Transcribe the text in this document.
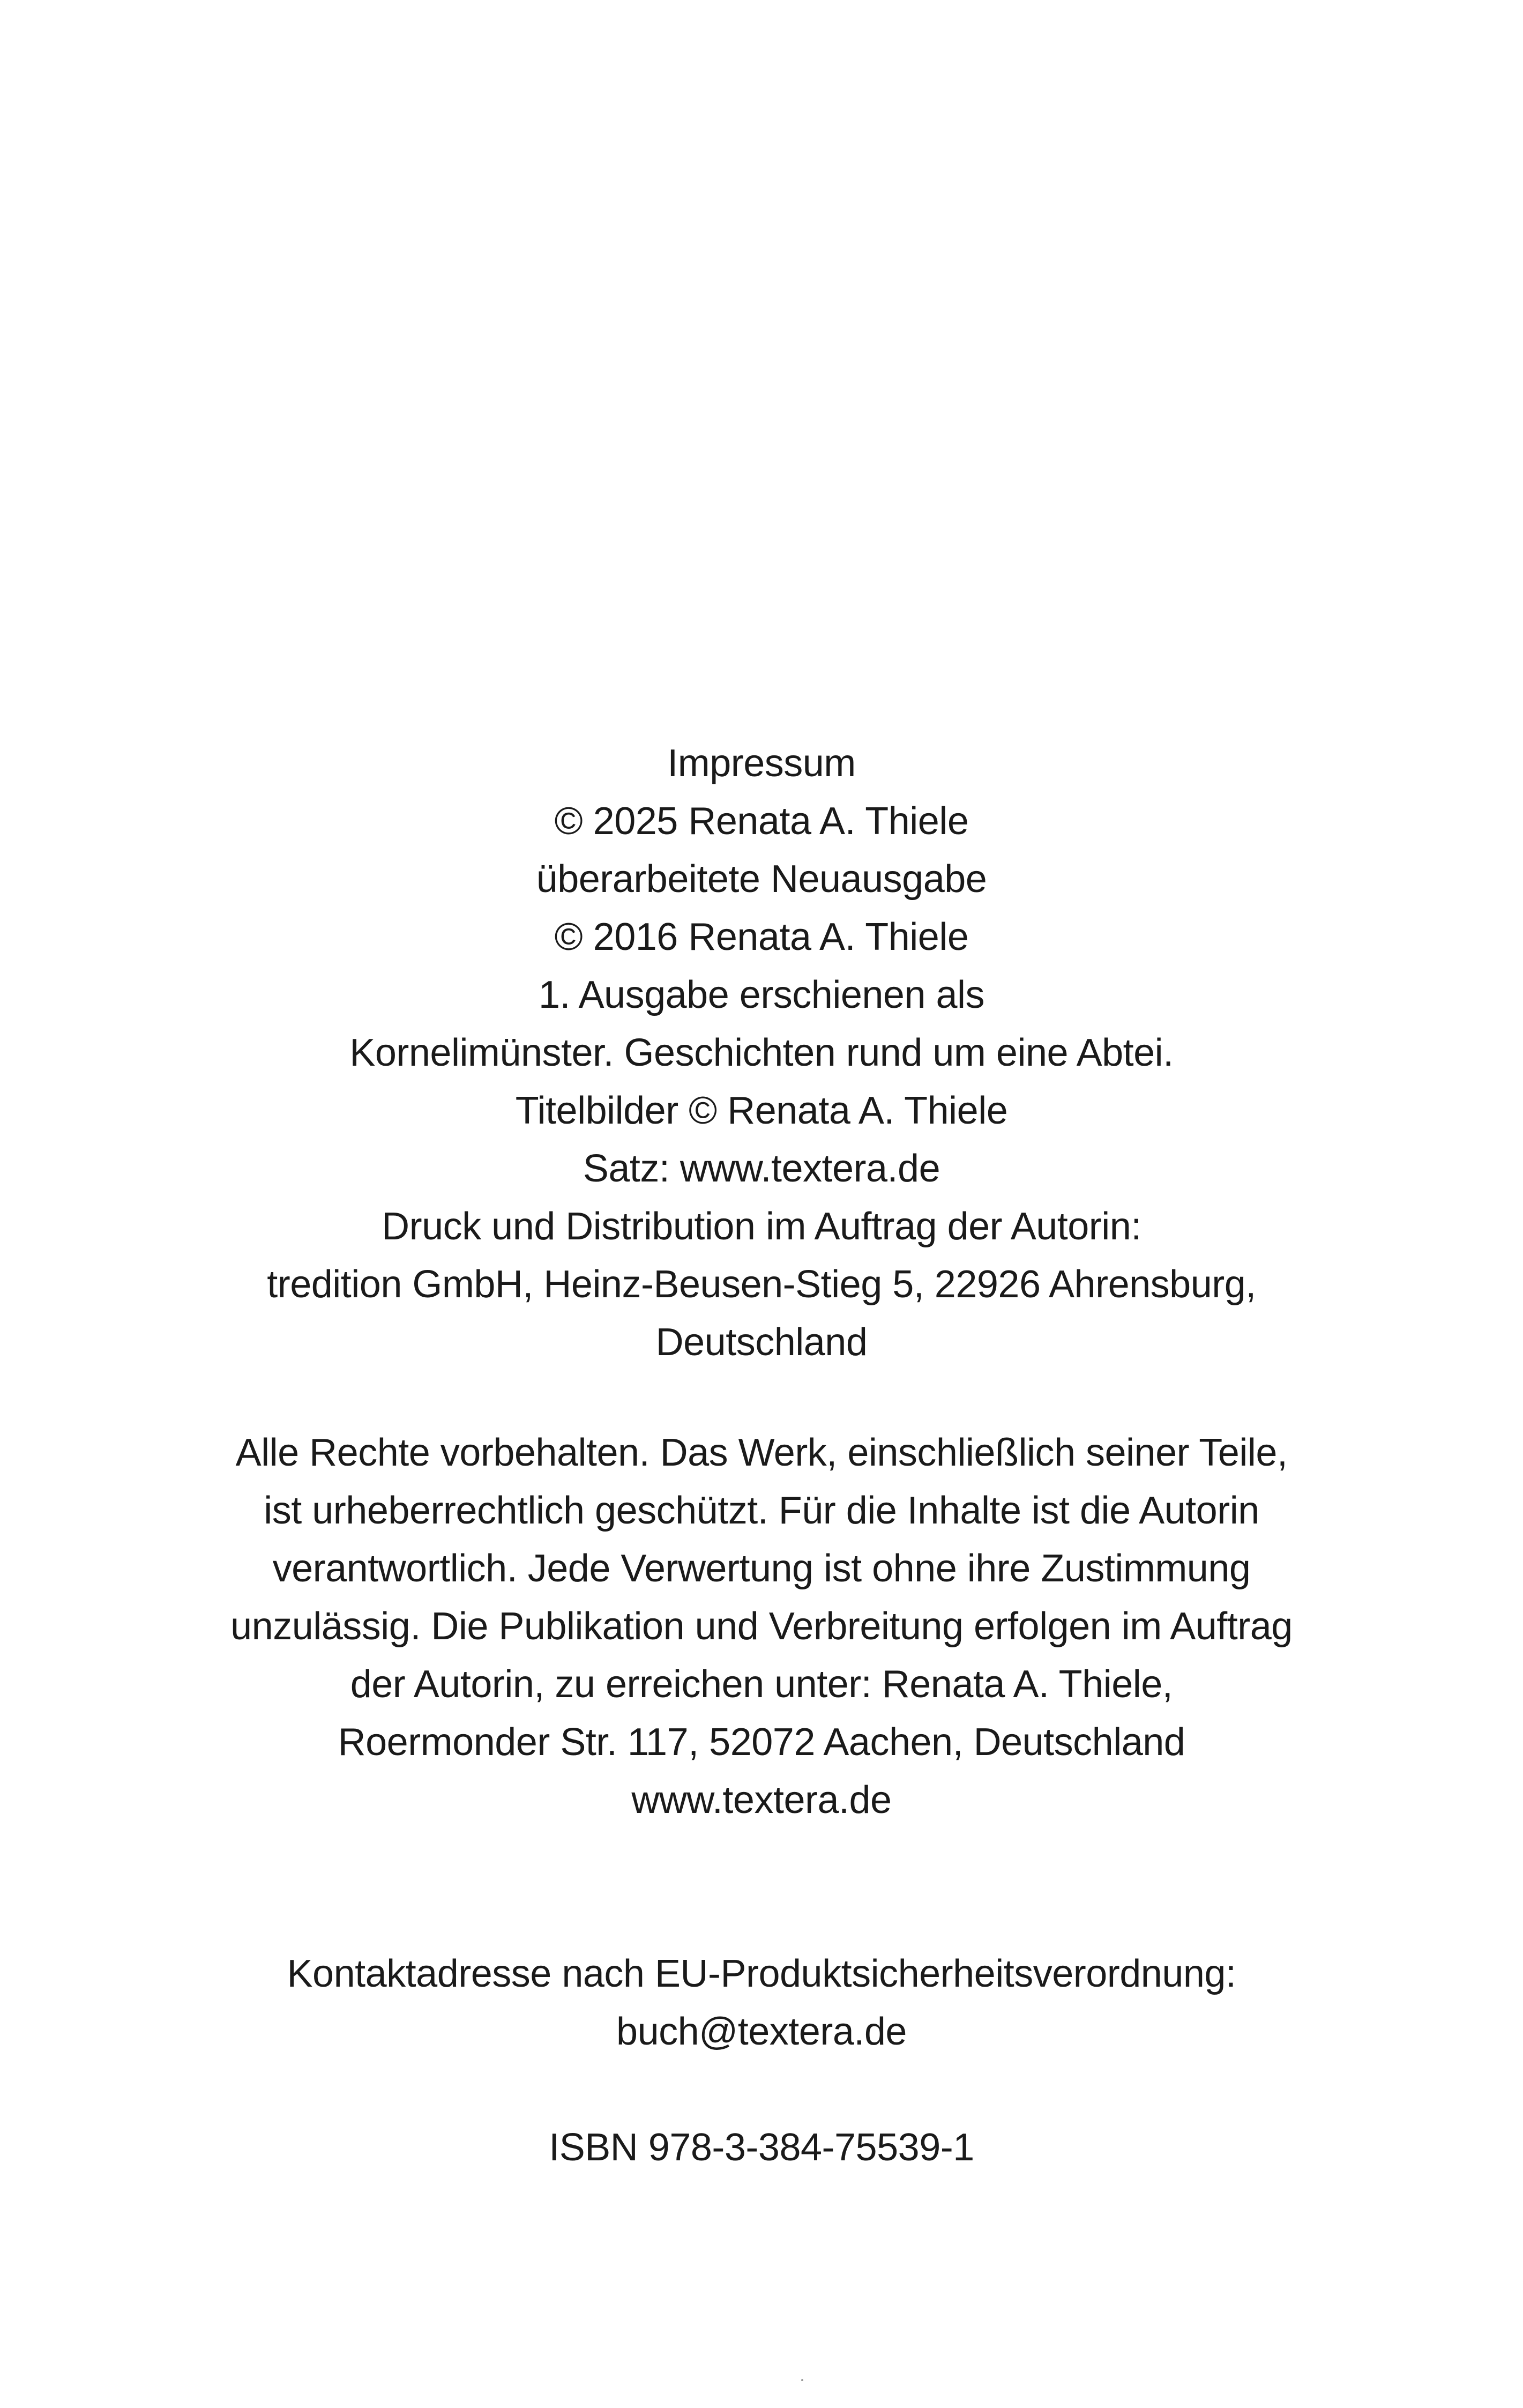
Impressum
© 2025 Renata A. Thiele
überarbeitete Neuausgabe
© 2016 Renata A. Thiele
1. Ausgabe erschienen als
Kornelimünster. Geschichten rund um eine Abtei.
Titelbilder © Renata A. Thiele
Satz: www.textera.de
Druck und Distribution im Auftrag der Autorin:
tredition GmbH, Heinz-Beusen-Stieg 5, 22926 Ahrensburg,
Deutschland
Alle Rechte vorbehalten. Das Werk, einschließlich seiner Teile,
ist urheberrechtlich geschützt. Für die Inhalte ist die Autorin
verantwortlich. Jede Verwertung ist ohne ihre Zustimmung
unzulässig. Die Publikation und Verbreitung erfolgen im Auftrag
der Autorin, zu erreichen unter: Renata A. Thiele,
Roermonder Str. 117, 52072 Aachen, Deutschland
www.textera.de
Kontaktadresse nach EU-Produktsicherheitsverordnung:
buch@textera.de
ISBN 978-3-384-75539-1
